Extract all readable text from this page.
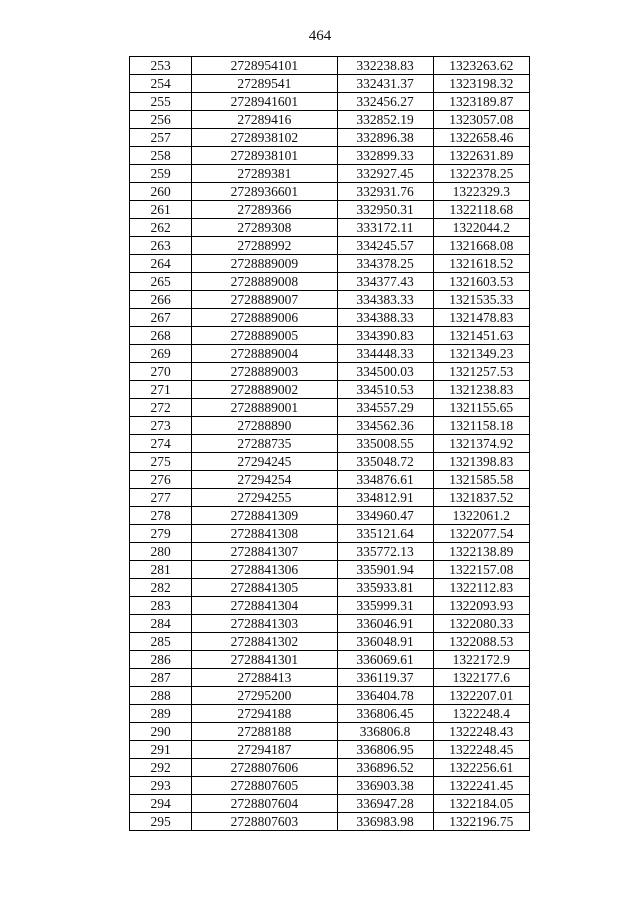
464
253	2728954101	332238.83	1323263.62
254	27289541	332431.37	1323198.32
255	2728941601	332456.27	1323189.87
256	27289416	332852.19	1323057.08
257	2728938102	332896.38	1322658.46
258	2728938101	332899.33	1322631.89
259	27289381	332927.45	1322378.25
260	2728936601	332931.76	1322329.3
261	27289366	332950.31	1322118.68
262	27289308	333172.11	1322044.2
263	27288992	334245.57	1321668.08
264	2728889009	334378.25	1321618.52
265	2728889008	334377.43	1321603.53
266	2728889007	334383.33	1321535.33
267	2728889006	334388.33	1321478.83
268	2728889005	334390.83	1321451.63
269	2728889004	334448.33	1321349.23
270	2728889003	334500.03	1321257.53
271	2728889002	334510.53	1321238.83
272	2728889001	334557.29	1321155.65
273	27288890	334562.36	1321158.18
274	27288735	335008.55	1321374.92
275	27294245	335048.72	1321398.83
276	27294254	334876.61	1321585.58
277	27294255	334812.91	1321837.52
278	2728841309	334960.47	1322061.2
279	2728841308	335121.64	1322077.54
280	2728841307	335772.13	1322138.89
281	2728841306	335901.94	1322157.08
282	2728841305	335933.81	1322112.83
283	2728841304	335999.31	1322093.93
284	2728841303	336046.91	1322080.33
285	2728841302	336048.91	1322088.53
286	2728841301	336069.61	1322172.9
287	27288413	336119.37	1322177.6
288	27295200	336404.78	1322207.01
289	27294188	336806.45	1322248.4
290	27288188	336806.8	1322248.43
291	27294187	336806.95	1322248.45
292	2728807606	336896.52	1322256.61
293	2728807605	336903.38	1322241.45
294	2728807604	336947.28	1322184.05
295	2728807603	336983.98	1322196.75
